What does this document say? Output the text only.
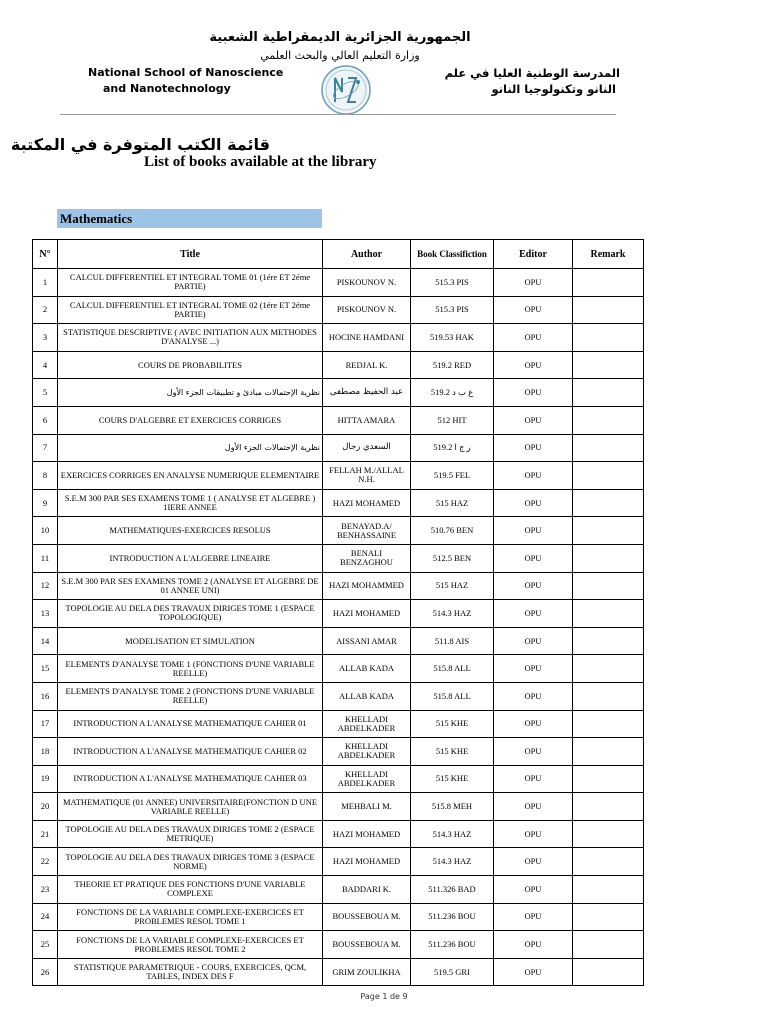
الجمهورية الجزائرية الديمقراطية الشعبية
وزارة التعليم العالي والبحث العلمي
National School of Nanoscience
and Nanotechnology
المدرسة الوطنية العليا في علم
النانو وتكنولوجيا النانو
قائمة الكتب المتوفرة في المكتبة
List of books available at the library
Mathematics
N°	Title	Author	Book Classifiction	Editor	Remark
1	CALCUL DIFFERENTIEL ET INTEGRAL TOME 01 (1ére ET 2éme PARTIE)	PISKOUNOV N.	515.3 PIS	OPU	
2	CALCUL DIFFERENTIEL ET INTEGRAL TOME 02 (1ére ET 2éme PARTIE)	PISKOUNOV N.	515.3 PIS	OPU	
3	STATISTIQUE DESCRIPTIVE ( AVEC INITIATION AUX METHODES D'ANALYSE ...)	HOCINE HAMDANI	519.53 HAK	OPU	
4	COURS DE PROBABILITES	REDJAL K.	519.2 RED	OPU	
5	نظرية الإحتمالات مبادئ و تطبيقات الجزء الأول	عبد الحفيظ مصطفى	519.2 ع ب د	OPU	
6	COURS D'ALGEBRE ET EXERCICES CORRIGES	HITTA AMARA	512 HIT	OPU	
7	نظرية الإحتمالات الجزء الأول	السعدي رجال	519.2 ر ج ا	OPU	
8	EXERCICES CORRIGES EN ANALYSE NUMERIQUE ELEMENTAIRE	FELLAH M./ALLAL N.H.	519.5 FEL	OPU	
9	S.E.M 300 PAR SES EXAMENS TOME 1 ( ANALYSE ET ALGEBRE ) 1IERE ANNEE	HAZI MOHAMED	515 HAZ	OPU	
10	MATHEMATIQUES-EXERCICES RESOLUS	BENAYAD.A/ BENHASSAINE	510.76 BEN	OPU	
11	INTRODUCTION A L'ALGEBRE LINEAIRE	BENALI BENZAGHOU	512.5 BEN	OPU	
12	S.E.M 300 PAR SES EXAMENS TOME 2 (ANALYSE ET ALGEBRE DE 01 ANNEE UNI)	HAZI MOHAMMED	515 HAZ	OPU	
13	TOPOLOGIE AU DELA DES TRAVAUX DIRIGES TOME 1 (ESPACE TOPOLOGIQUE)	HAZI MOHAMED	514.3 HAZ	OPU	
14	MODELISATION ET SIMULATION	AISSANI AMAR	511.8 AIS	OPU	
15	ELEMENTS D'ANALYSE TOME 1 (FONCTIONS D'UNE VARIABLE REELLE)	ALLAB KADA	515.8 ALL	OPU	
16	ELEMENTS D'ANALYSE TOME 2 (FONCTIONS D'UNE VARIABLE REELLE)	ALLAB KADA	515.8 ALL	OPU	
17	INTRODUCTION A L'ANALYSE MATHEMATIQUE CAHIER 01	KHELLADI ABDELKADER	515 KHE	OPU	
18	INTRODUCTION A L'ANALYSE MATHEMATIQUE CAHIER 02	KHELLADI ABDELKADER	515 KHE	OPU	
19	INTRODUCTION A L'ANALYSE MATHEMATIQUE CAHIER 03	KHELLADI ABDELKADER	515 KHE	OPU	
20	MATHEMATIQUE (01 ANNEE) UNIVERSITAIRE(FONCTION D UNE VARIABLE REELLE)	MEHBALI M.	515.8 MEH	OPU	
21	TOPOLOGIE AU DELA DES TRAVAUX DIRIGES TOME 2 (ESPACE METRIQUE)	HAZI MOHAMED	514.3 HAZ	OPU	
22	TOPOLOGIE AU DELA DES TRAVAUX DIRIGES TOME 3 (ESPACE NORME)	HAZI MOHAMED	514.3 HAZ	OPU	
23	THEORIE ET PRATIQUE DES FONCTIONS D'UNE VARIABLE COMPLEXE	BADDARI K.	511.326 BAD	OPU	
24	FONCTIONS DE LA VARIABLE COMPLEXE-EXERCICES ET PROBLEMES RESOL TOME 1	BOUSSEBOUA M.	511.236 BOU	OPU	
25	FONCTIONS DE LA VARIABLE COMPLEXE-EXERCICES ET PROBLEMES RESOL TOME 2	BOUSSEBOUA M.	511.236 BOU	OPU	
26	STATISTIQUE PARAMETRIQUE - COURS, EXERCICES, QCM, TABLES, INDEX DES F	GRIM ZOULIKHA	519.5 GRI	OPU	
Page 1 de 9
